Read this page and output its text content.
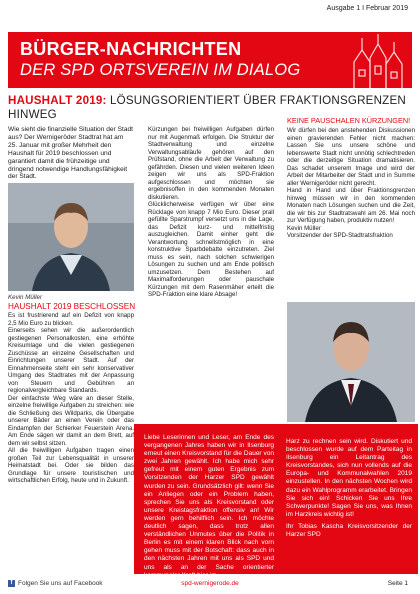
Ausgabe 1 I Februar 2019
BÜRGER-NACHRICHTEN
DER SPD ORTSVEREIN IM DIALOG
HAUSHALT 2019: LÖSUNGSORIENTIERT ÜBER FRAKTIONSGRENZEN HINWEG

Wie sieht die finanzielle Situation der Stadt aus? Der Wernigeröder Stadtrat hat am 25. Januar mit großer Mehrheit den Haushalt für 2019 beschlossen und garantiert damit die frühzeitige und dringend notwendige Handlungsfähigkeit der Stadt.

Kevin Müller
HAUSHALT 2019 BESCHLOSSEN

Es ist frustrierend auf ein Defizit von knapp 2,5 Mio Euro zu blicken.

Einerseits sehen wir die außerordentlich gestiegenen Personalkosten, eine erhöhte Kreisumlage und die vielen gestiegenen Zuschüsse an einzelne Gesellschaften und Einrichtungen unserer Stadt. Auf der Einnahmenseite steht ein sehr konservativer Umgang des Stadtrates mit der Anpassung von Steuern und Gebühren an regionalvergleichbare Standards.

Der einfachste Weg wäre an dieser Stelle, einzelne freiwillige Aufgaben zu streichen: wie die Schließung des Wildparks, die Übergabe unserer Bäder an einen Verein oder das Eindampfen der Schierker Feuerstein Arena. Am Ende sägen wir damit an dem Brett, auf dem wir selbst sitzen.

All die freiwilligen Aufgaben tragen einen großen Teil zur Lebensqualität in unserer Heimatstadt bei. Oder sie bilden das Grundlage für unsere touristischen und wirtschaftlichen Erfolg, heute und in Zukunft.

Kürzungen bei freiwilligen Aufgaben dürfen nur mit Augenmaß erfolgen. Die Struktur der Stadtverwaltung und einzelne Verwaltungsabläufe gehören auf den Prüfstand, ohne die Arbeit der Verwaltung zu gefährden. Diesen und vielen weiteren Ideen zeigen wir uns als SPD-Fraktion aufgeschlossen und möchten sie ergebnisoffen in den kommenden Monaten diskutieren.

Glücklicherweise verfügen wir über eine Rücklage von knapp 7 Mio Euro. Dieser prall gefüllte Sparstrumpf versetzt uns in die Lage, das Defizit kurz- und mittelfristig auszugleichen. Damit einher geht die Verantwortung schnellstmöglich in eine konstruktive Sparbdebatte einzutreten. Ziel muss es sein, nach solchen schwierigen Lösungen zu suchen und am Ende politisch umzusetzen. Dem Bestehen auf Maximalforderungen oder pauschale Kürzungen mit dem Rasenmäher erteilt die SPD-Fraktion eine klare Absage!

KEINE PAUSCHALEN KÜRZUNGEN!

Wir dürfen bei den anstehenden Diskussionen einen gravierenden Fehler nicht machen: Lassen Sie uns unsere schöne und lebenswerte Stadt nicht unnötig schlechtreden oder die derzeitige Situation dramatisieren. Das schadet unserem Image und wird der Arbeit der Mitarbeiter der Stadt und in Summe aller Wernigeröder nicht gerecht.

Hand in Hand und über Fraktionsgrenzen hinweg müssen wir in den kommenden Monaten nach Lösungen suchen und die Zeit, die wir bis zur Stadtratswahl am 26. Mai noch zur Verfügung haben, produktiv nutzen!

Kevin Müller

Vorsitzender der SPD-Stadtratsfraktion

Liebe Leserinnen und Leser, am Ende des vergangenen Jahres haben wir in Ilsenburg erneut einen Kreisvorstand für die Dauer von zwei Jahren gewählt. Ich habe mich sehr gefreut mit einem guten Ergebnis zum Vorsitzenden der Harzer SPD gewählt wurden zu sein. Grundsätzlich gilt: wenn Sie ein Anliegen oder ein Problem haben, sprechen Sie uns als Kreisvorstand oder unsere Kreistagsfraktion offensiv an! Wir werden gern behilflich sein. Ich möchte deutlich sagen, dass trotz allen verständlichen Unmutes über die Politik in Berlin es mit einem klaren Blick nach vorn gehen muss mit der Botschaft: dass auch in den nächsten Jahren mit uns als SPD und uns als an der Sache orientierter kommunaler Kraft hier im
Harz zu rechnen sein wird. Diskutiert und beschlossen wurde auf dem Parteitag in Ilsenburg ein Leitantrag des Kreisvorstandes, sich nun vollends auf die Europa- und Kommunalwahlen 2019 einzustellen. In den nächsten Wochen wird dazu ein Wahlprogramm erarbeitet. Bringen Sie sich ein! Schicken Sie uns Ihre Schwerpunkte! Sagen Sie uns, was Ihnen im Harzkreis wichtig ist!
Ihr Tobias Kascha Kreisvorsitzender der Harzer SPD
f Folgen Sie uns auf Facebook	spd-wernigerode.de	Seite 1
